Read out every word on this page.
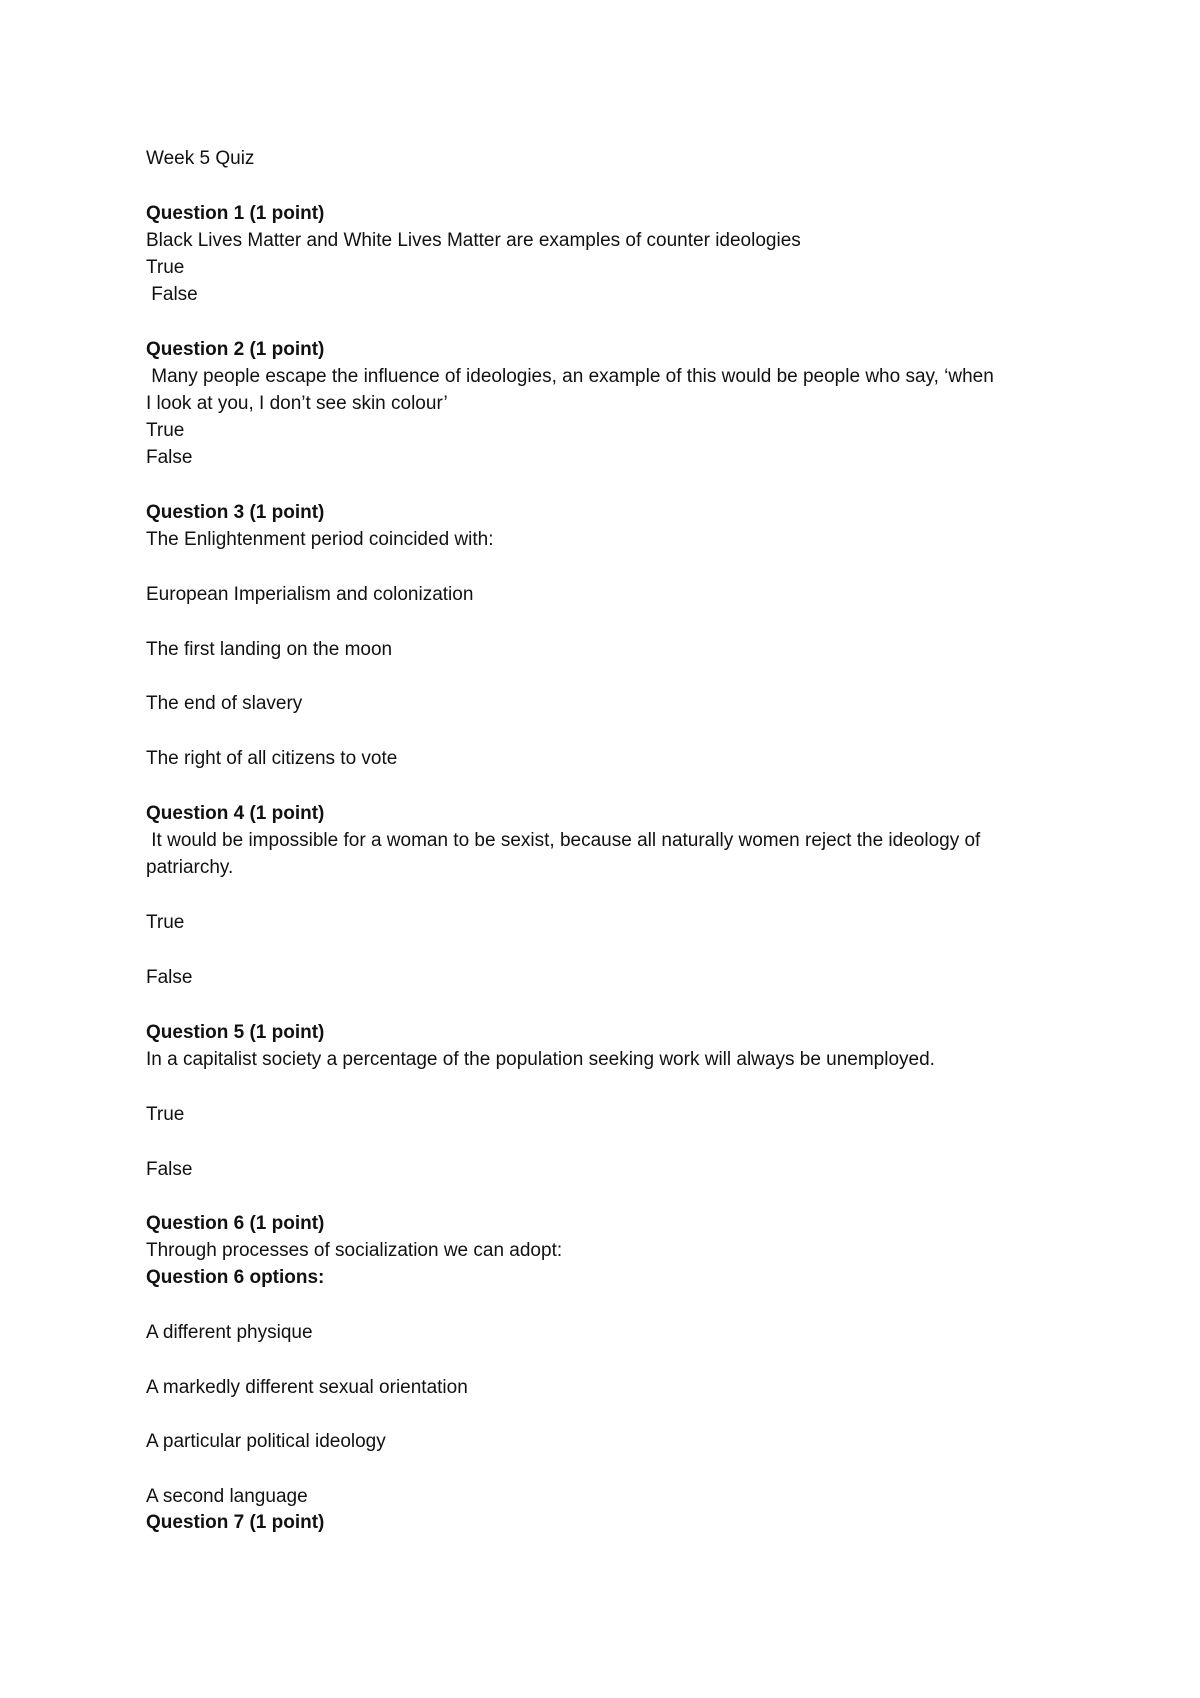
Week 5 Quiz
Question 1 (1 point)
Black Lives Matter and White Lives Matter are examples of counter ideologies
True
False
Question 2 (1 point)
Many people escape the influence of ideologies, an example of this would be people who say, ‘when
I look at you, I don’t see skin colour’
True
False
Question 3 (1 point)
The Enlightenment period coincided with:
European Imperialism and colonization
The first landing on the moon
The end of slavery
The right of all citizens to vote
Question 4 (1 point)
It would be impossible for a woman to be sexist, because all naturally women reject the ideology of
patriarchy.
True
False
Question 5 (1 point)
In a capitalist society a percentage of the population seeking work will always be unemployed.
True
False
Question 6 (1 point)
Through processes of socialization we can adopt:
Question 6 options:
A different physique
A markedly different sexual orientation
A particular political ideology
A second language
Question 7 (1 point)
